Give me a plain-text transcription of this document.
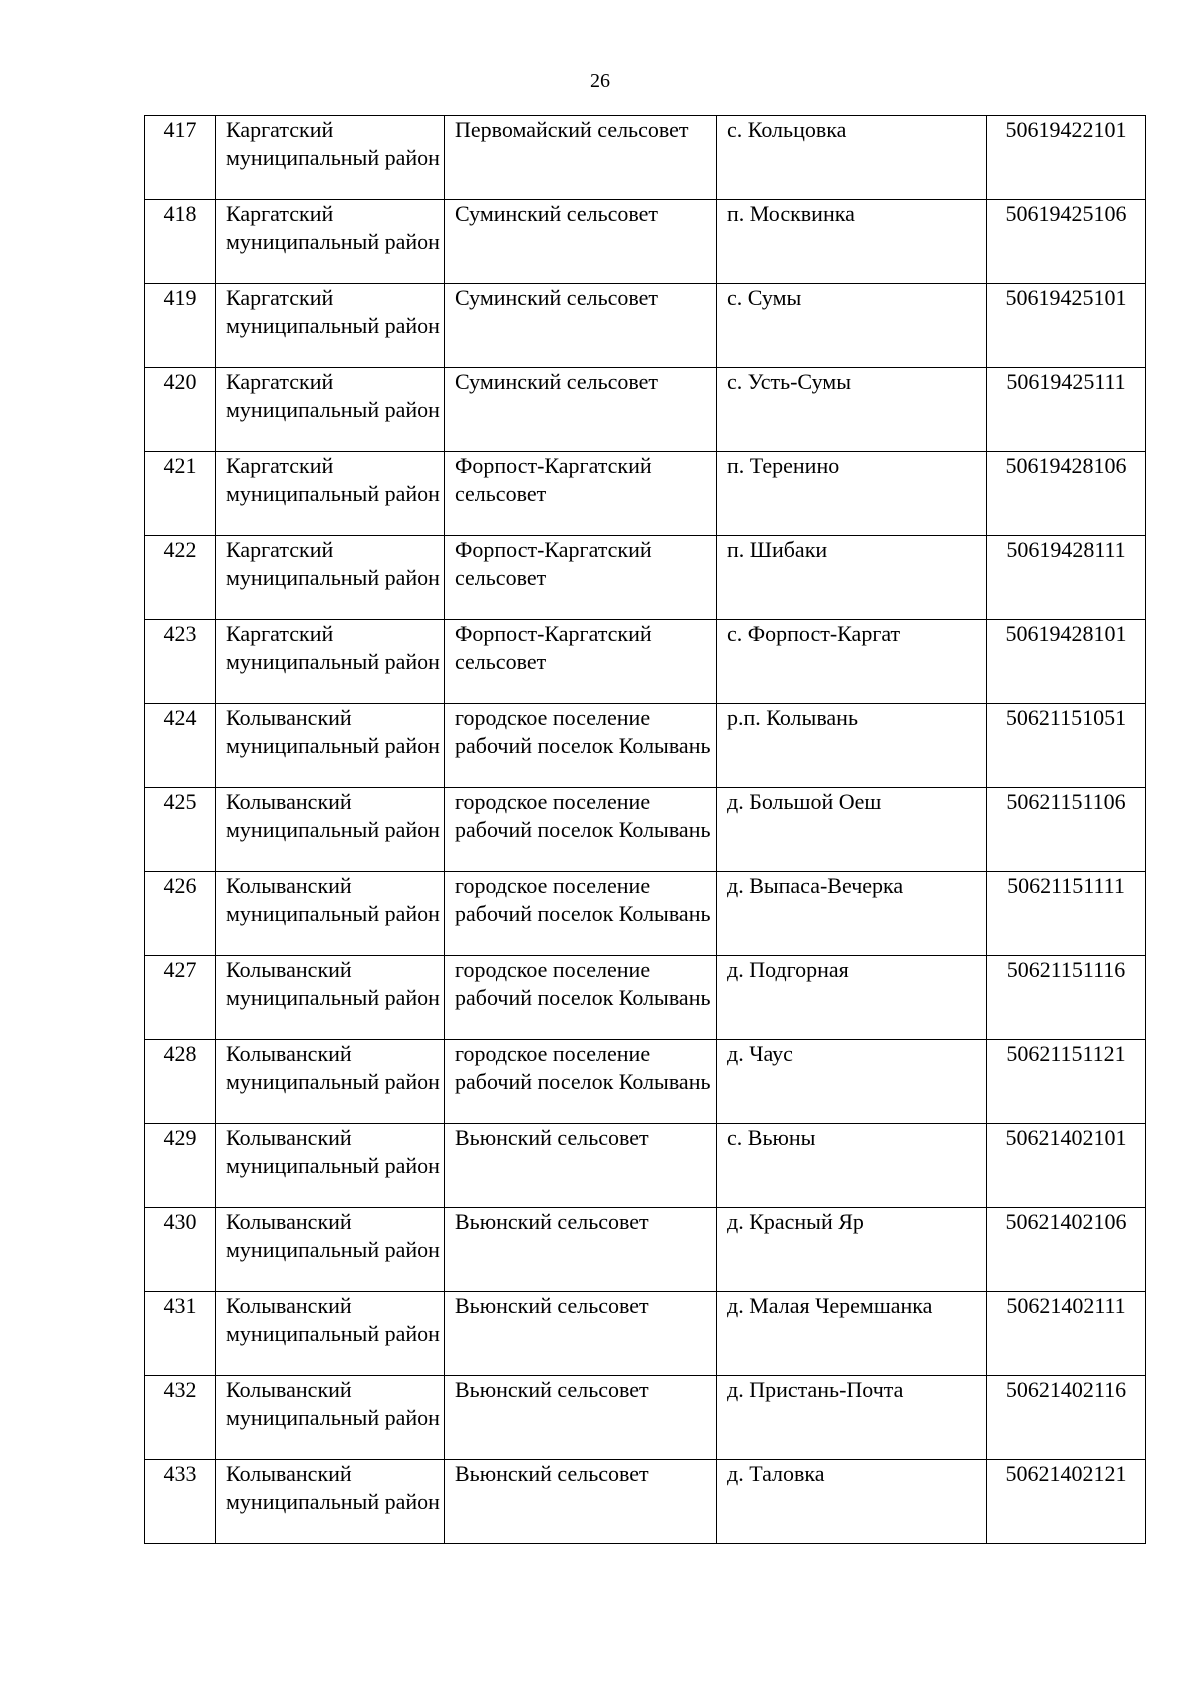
26
417	Каргатский муниципальный район	Первомайский сельсовет	с. Кольцовка	50619422101
418	Каргатский муниципальный район	Суминский сельсовет	п. Москвинка	50619425106
419	Каргатский муниципальный район	Суминский сельсовет	с. Сумы	50619425101
420	Каргатский муниципальный район	Суминский сельсовет	с. Усть-Сумы	50619425111
421	Каргатский муниципальный район	Форпост-Каргатский сельсовет	п. Теренино	50619428106
422	Каргатский муниципальный район	Форпост-Каргатский сельсовет	п. Шибаки	50619428111
423	Каргатский муниципальный район	Форпост-Каргатский сельсовет	с. Форпост-Каргат	50619428101
424	Колыванский муниципальный район	городское поселение рабочий поселок Колывань	р.п. Колывань	50621151051
425	Колыванский муниципальный район	городское поселение рабочий поселок Колывань	д. Большой Оеш	50621151106
426	Колыванский муниципальный район	городское поселение рабочий поселок Колывань	д. Выпаса-Вечерка	50621151111
427	Колыванский муниципальный район	городское поселение рабочий поселок Колывань	д. Подгорная	50621151116
428	Колыванский муниципальный район	городское поселение рабочий поселок Колывань	д. Чаус	50621151121
429	Колыванский муниципальный район	Вьюнский сельсовет	с. Вьюны	50621402101
430	Колыванский муниципальный район	Вьюнский сельсовет	д. Красный Яр	50621402106
431	Колыванский муниципальный район	Вьюнский сельсовет	д. Малая Черемшанка	50621402111
432	Колыванский муниципальный район	Вьюнский сельсовет	д. Пристань-Почта	50621402116
433	Колыванский муниципальный район	Вьюнский сельсовет	д. Таловка	50621402121
